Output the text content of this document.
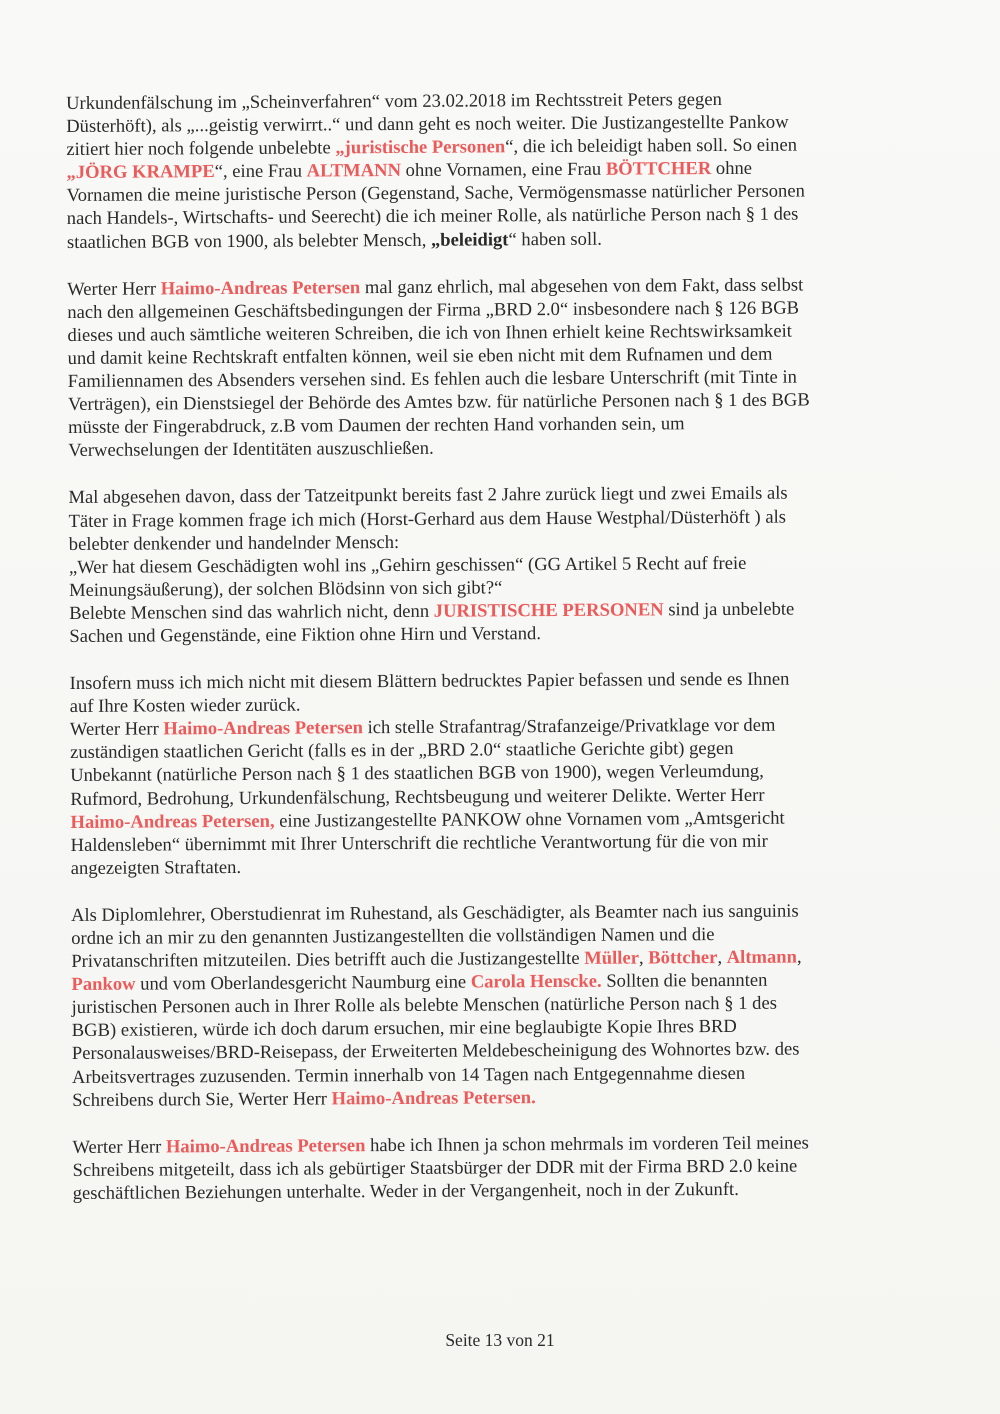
Urkundenfälschung im „Scheinverfahren“ vom 23.02.2018 im Rechtsstreit Peters gegen
Düsterhöft), als „...geistig verwirrt..“ und dann geht es noch weiter. Die Justizangestellte Pankow
zitiert hier noch folgende unbelebte „juristische Personen“, die ich beleidigt haben soll. So einen
„JÖRG KRAMPE“, eine Frau ALTMANN ohne Vornamen, eine Frau BÖTTCHER ohne
Vornamen die meine juristische Person (Gegenstand, Sache, Vermögensmasse natürlicher Personen
nach Handels-, Wirtschafts- und Seerecht) die ich meiner Rolle, als natürliche Person nach § 1 des
staatlichen BGB von 1900, als belebter Mensch, „beleidigt“ haben soll.
Werter Herr Haimo-Andreas Petersen mal ganz ehrlich, mal abgesehen von dem Fakt, dass selbst
nach den allgemeinen Geschäftsbedingungen der Firma „BRD 2.0“ insbesondere nach § 126 BGB
dieses und auch sämtliche weiteren Schreiben, die ich von Ihnen erhielt keine Rechtswirksamkeit
und damit keine Rechtskraft entfalten können, weil sie eben nicht mit dem Rufnamen und dem
Familiennamen des Absenders versehen sind. Es fehlen auch die lesbare Unterschrift (mit Tinte in
Verträgen), ein Dienstsiegel der Behörde des Amtes bzw. für natürliche Personen nach § 1 des BGB
müsste der Fingerabdruck, z.B vom Daumen der rechten Hand vorhanden sein, um
Verwechselungen der Identitäten auszuschließen.
Mal abgesehen davon, dass der Tatzeitpunkt bereits fast 2 Jahre zurück liegt und zwei Emails als
Täter in Frage kommen frage ich mich (Horst-Gerhard aus dem Hause Westphal/Düsterhöft ) als
belebter denkender und handelnder Mensch:
„Wer hat diesem Geschädigten wohl ins „Gehirn geschissen“ (GG Artikel 5 Recht auf freie
Meinungsäußerung), der solchen Blödsinn von sich gibt?“
Belebte Menschen sind das wahrlich nicht, denn JURISTISCHE PERSONEN sind ja unbelebte
Sachen und Gegenstände, eine Fiktion ohne Hirn und Verstand.
Insofern muss ich mich nicht mit diesem Blättern bedrucktes Papier befassen und sende es Ihnen
auf Ihre Kosten wieder zurück.
Werter Herr Haimo-Andreas Petersen ich stelle Strafantrag/Strafanzeige/Privatklage vor dem
zuständigen staatlichen Gericht (falls es in der „BRD 2.0“ staatliche Gerichte gibt) gegen
Unbekannt (natürliche Person nach § 1 des staatlichen BGB von 1900), wegen Verleumdung,
Rufmord, Bedrohung, Urkundenfälschung, Rechtsbeugung und weiterer Delikte. Werter Herr
Haimo-Andreas Petersen, eine Justizangestellte PANKOW ohne Vornamen vom „Amtsgericht
Haldensleben“ übernimmt mit Ihrer Unterschrift die rechtliche Verantwortung für die von mir
angezeigten Straftaten.
Als Diplomlehrer, Oberstudienrat im Ruhestand, als Geschädigter, als Beamter nach ius sanguinis
ordne ich an mir zu den genannten Justizangestellten die vollständigen Namen und die
Privatanschriften mitzuteilen. Dies betrifft auch die Justizangestellte Müller, Böttcher, Altmann,
Pankow und vom Oberlandesgericht Naumburg eine Carola Henscke. Sollten die benannten
juristischen Personen auch in Ihrer Rolle als belebte Menschen (natürliche Person nach § 1 des
BGB) existieren, würde ich doch darum ersuchen, mir eine beglaubigte Kopie Ihres BRD
Personalausweises/BRD-Reisepass, der Erweiterten Meldebescheinigung des Wohnortes bzw. des
Arbeitsvertrages zuzusenden. Termin innerhalb von 14 Tagen nach Entgegennahme diesen
Schreibens durch Sie, Werter Herr Haimo-Andreas Petersen.
Werter Herr Haimo-Andreas Petersen habe ich Ihnen ja schon mehrmals im vorderen Teil meines
Schreibens mitgeteilt, dass ich als gebürtiger Staatsbürger der DDR mit der Firma BRD 2.0 keine
geschäftlichen Beziehungen unterhalte. Weder in der Vergangenheit, noch in der Zukunft.
Seite 13 von 21
